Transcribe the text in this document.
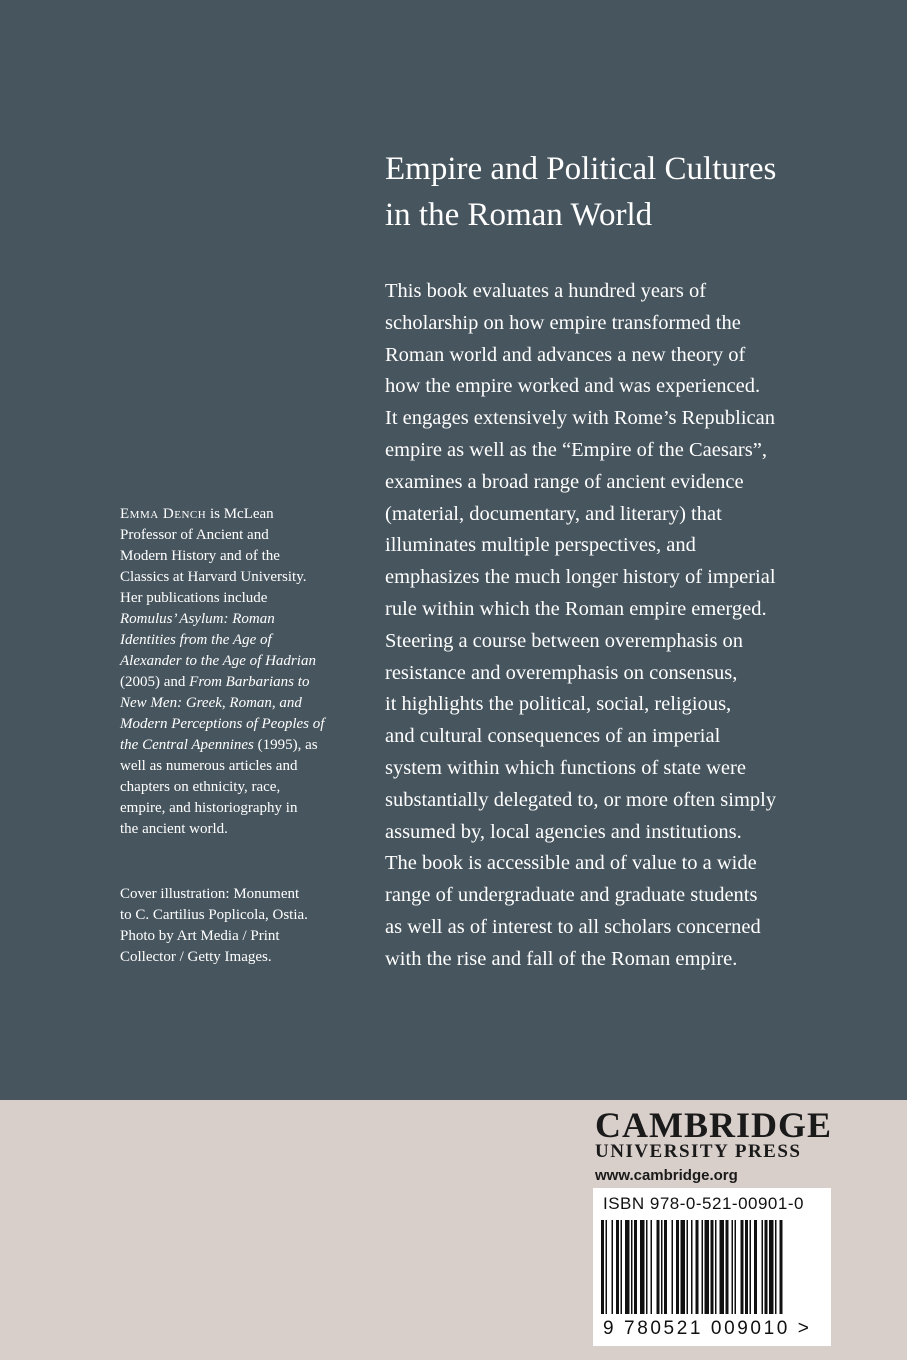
Empire and Political Cultures
in the Roman World
This book evaluates a hundred years of
scholarship on how empire transformed the
Roman world and advances a new theory of
how the empire worked and was experienced.
It engages extensively with Rome’s Republican
empire as well as the “Empire of the Caesars”,
examines a broad range of ancient evidence
(material, documentary, and literary) that
illuminates multiple perspectives, and
emphasizes the much longer history of imperial
rule within which the Roman empire emerged.
Steering a course between overemphasis on
resistance and overemphasis on consensus,
it highlights the political, social, religious,
and cultural consequences of an imperial
system within which functions of state were
substantially delegated to, or more often simply
assumed by, local agencies and institutions.
The book is accessible and of value to a wide
range of undergraduate and graduate students
as well as of interest to all scholars concerned
with the rise and fall of the Roman empire.
Emma Dench is McLean
Professor of Ancient and
Modern History and of the
Classics at Harvard University.
Her publications include
Romulus’ Asylum: Roman
Identities from the Age of
Alexander to the Age of Hadrian
(2005) and From Barbarians to
New Men: Greek, Roman, and
Modern Perceptions of Peoples of
the Central Apennines (1995), as
well as numerous articles and
chapters on ethnicity, race,
empire, and historiography in
the ancient world.
Cover illustration: Monument
to C. Cartilius Poplicola, Ostia.
Photo by Art Media / Print
Collector / Getty Images.
CAMBRIDGE
UNIVERSITY PRESS
www.cambridge.org
ISBN 978-0-521-00901-0
9 780521 009010 >
